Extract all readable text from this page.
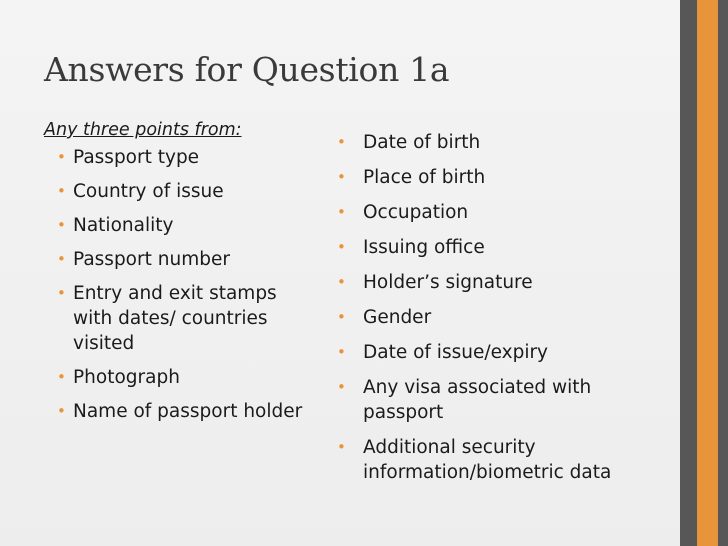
Answers for Question 1a

Any three points from:

• Passport type
• Country of issue
• Nationality
• Passport number
• Entry and exit stamps with dates/ countries visited
• Photograph
• Name of passport holder
• Date of birth
• Place of birth
• Occupation
• Issuing office
• Holder’s signature
• Gender
• Date of issue/expiry
• Any visa associated with passport
• Additional security information/biometric data
